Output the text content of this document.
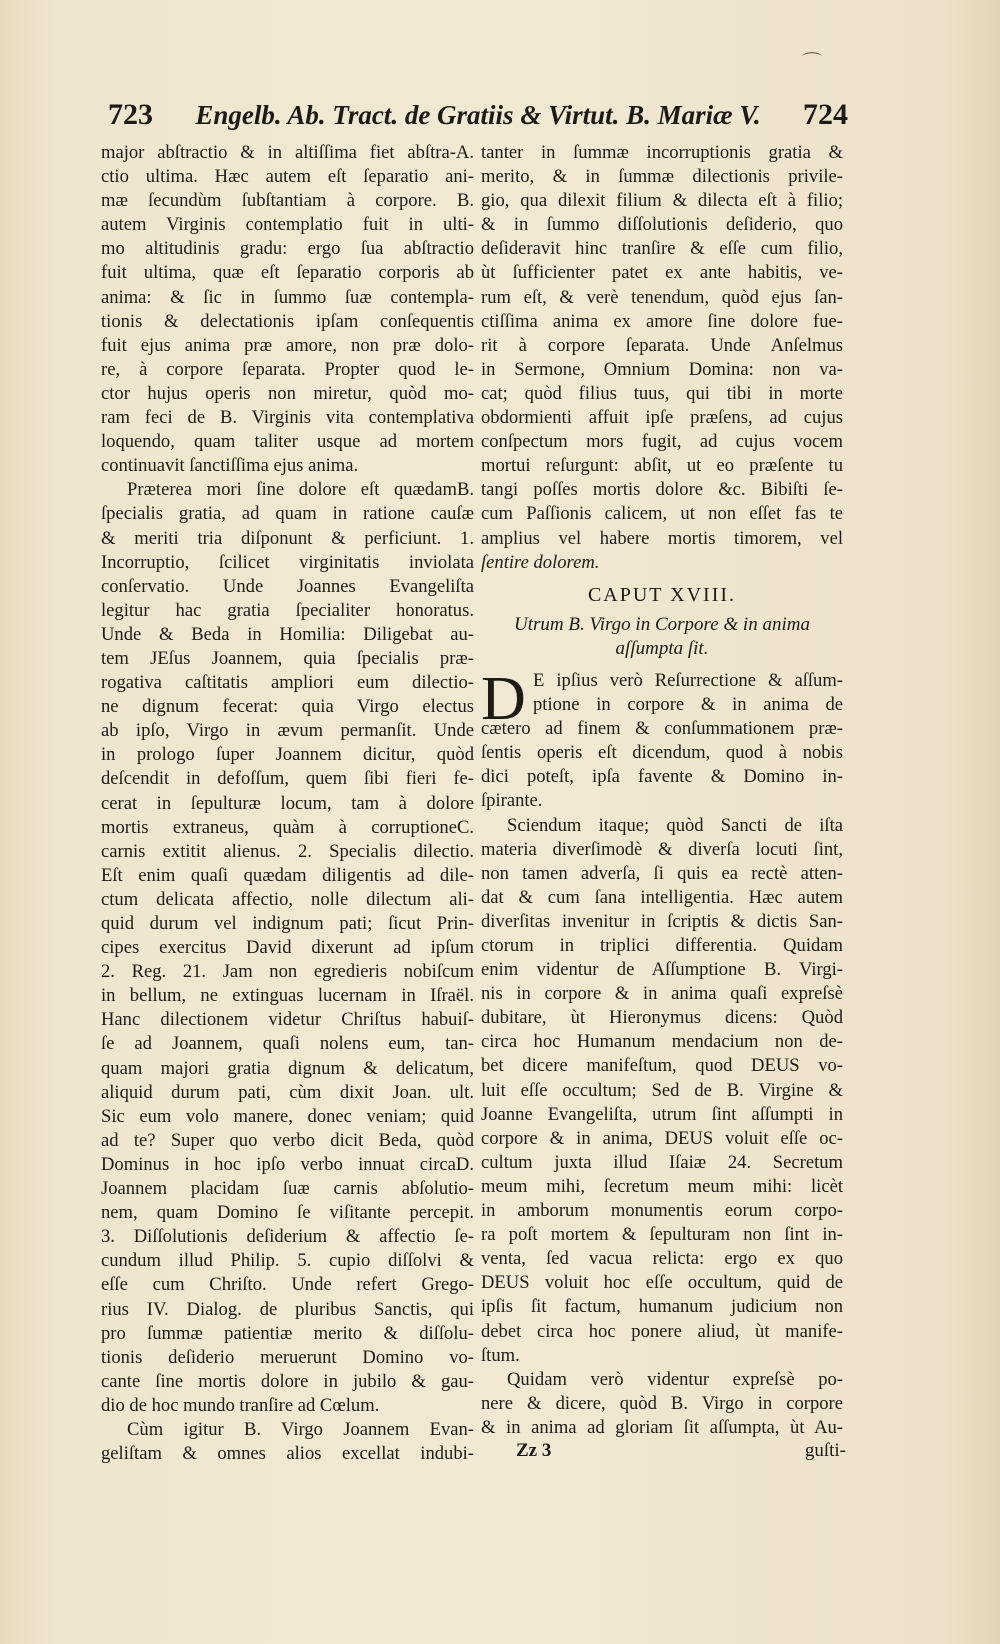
⌒
723 Engelb. Ab. Tract. de Gratiis & Virtut. B. Mariæ V. 724
major abſtractio & in altiſſima fiet abſtra-A.
ctio ultima. Hæc autem eſt ſeparatio ani-
mæ ſecundùm ſubſtantiam à corpore. B.
autem Virginis contemplatio fuit in ulti-
mo altitudinis gradu: ergo ſua abſtractio
fuit ultima, quæ eſt ſeparatio corporis ab
anima: & ſic in ſummo ſuæ contempla-
tionis & delectationis ipſam conſequentis
fuit ejus anima præ amore, non præ dolo-
re, à corpore ſeparata. Propter quod le-
ctor hujus operis non miretur, quòd mo-
ram feci de B. Virginis vita contemplativa
loquendo, quam taliter usque ad mortem
continuavit ſanctiſſima ejus anima.
Præterea mori ſine dolore eſt quædamB.
ſpecialis gratia, ad quam in ratione cauſæ
& meriti tria diſponunt & perficiunt. 1.
Incorruptio, ſcilicet virginitatis inviolata
conſervatio. Unde Joannes Evangeliſta
legitur hac gratia ſpecialiter honoratus.
Unde & Beda in Homilia: Diligebat au-
tem JEſus Joannem, quia ſpecialis præ-
rogativa caſtitatis ampliori eum dilectio-
ne dignum fecerat: quia Virgo electus
ab ipſo, Virgo in ævum permanſit. Unde
in prologo ſuper Joannem dicitur, quòd
deſcendit in defoſſum, quem ſibi fieri fe-
cerat in ſepulturæ locum, tam à dolore
mortis extraneus, quàm à corruptioneC.
carnis extitit alienus. 2. Specialis dilectio.
Eſt enim quaſi quædam diligentis ad dile-
ctum delicata affectio, nolle dilectum ali-
quid durum vel indignum pati; ſicut Prin-
cipes exercitus David dixerunt ad ipſum
2. Reg. 21. Jam non egredieris nobiſcum
in bellum, ne extinguas lucernam in Iſraël.
Hanc dilectionem videtur Chriſtus habuiſ-
ſe ad Joannem, quaſi nolens eum, tan-
quam majori gratia dignum & delicatum,
aliquid durum pati, cùm dixit Joan. ult.
Sic eum volo manere, donec veniam; quid
ad te? Super quo verbo dicit Beda, quòd
Dominus in hoc ipſo verbo innuat circaD.
Joannem placidam ſuæ carnis abſolutio-
nem, quam Domino ſe viſitante percepit.
3. Diſſolutionis deſiderium & affectio ſe-
cundum illud Philip. 5. cupio diſſolvi &
eſſe cum Chriſto. Unde refert Grego-
rius IV. Dialog. de pluribus Sanctis, qui
pro ſummæ patientiæ merito & diſſolu-
tionis deſiderio meruerunt Domino vo-
cante ſine mortis dolore in jubilo & gau-
dio de hoc mundo tranſire ad Cœlum.
Cùm igitur B. Virgo Joannem Evan-
geliſtam & omnes alios excellat indubi-
tanter in ſummæ incorruptionis gratia &
merito, & in ſummæ dilectionis privile-
gio, qua dilexit filium & dilecta eſt à filio;
& in ſummo diſſolutionis deſiderio, quo
deſideravit hinc tranſire & eſſe cum filio,
ùt ſufficienter patet ex ante habitis, ve-
rum eſt, & verè tenendum, quòd ejus ſan-
ctiſſima anima ex amore ſine dolore fue-
rit à corpore ſeparata. Unde Anſelmus
in Sermone, Omnium Domina: non va-
cat; quòd filius tuus, qui tibi in morte
obdormienti affuit ipſe præſens, ad cujus
conſpectum mors fugit, ad cujus vocem
mortui reſurgunt: abſit, ut eo præſente tu
tangi poſſes mortis dolore &c. Bibiſti ſe-
cum Paſſionis calicem, ut non eſſet fas te
amplius vel habere mortis timorem, vel
ſentire dolorem.
CAPUT XVIII.
Utrum B. Virgo in Corpore & in anima
aſſumpta ſit.
D E ipſius verò Reſurrectione & aſſum-
ptione in corpore & in anima de
cætero ad finem & conſummationem præ-
ſentis operis eſt dicendum, quod à nobis
dici poteſt, ipſa favente & Domino in-
ſpirante.
Sciendum itaque; quòd Sancti de iſta
materia diverſimodè & diverſa locuti ſint,
non tamen adverſa, ſi quis ea rectè atten-
dat & cum ſana intelligentia. Hæc autem
diverſitas invenitur in ſcriptis & dictis San-
ctorum in triplici differentia. Quidam
enim videntur de Aſſumptione B. Virgi-
nis in corpore & in anima quaſi expreſsè
dubitare, ùt Hieronymus dicens: Quòd
circa hoc Humanum mendacium non de-
bet dicere manifeſtum, quod DEUS vo-
luit eſſe occultum; Sed de B. Virgine &
Joanne Evangeliſta, utrum ſint aſſumpti in
corpore & in anima, DEUS voluit eſſe oc-
cultum juxta illud Iſaiæ 24. Secretum
meum mihi, ſecretum meum mihi: licèt
in amborum monumentis eorum corpo-
ra poſt mortem & ſepulturam non ſint in-
venta, ſed vacua relicta: ergo ex quo
DEUS voluit hoc eſſe occultum, quid de
ipſis ſit factum, humanum judicium non
debet circa hoc ponere aliud, ùt manife-
ſtum.
Quidam verò videntur expreſsè po-
nere & dicere, quòd B. Virgo in corpore
& in anima ad gloriam ſit aſſumpta, ùt Au-
Zz 3	guſti-
